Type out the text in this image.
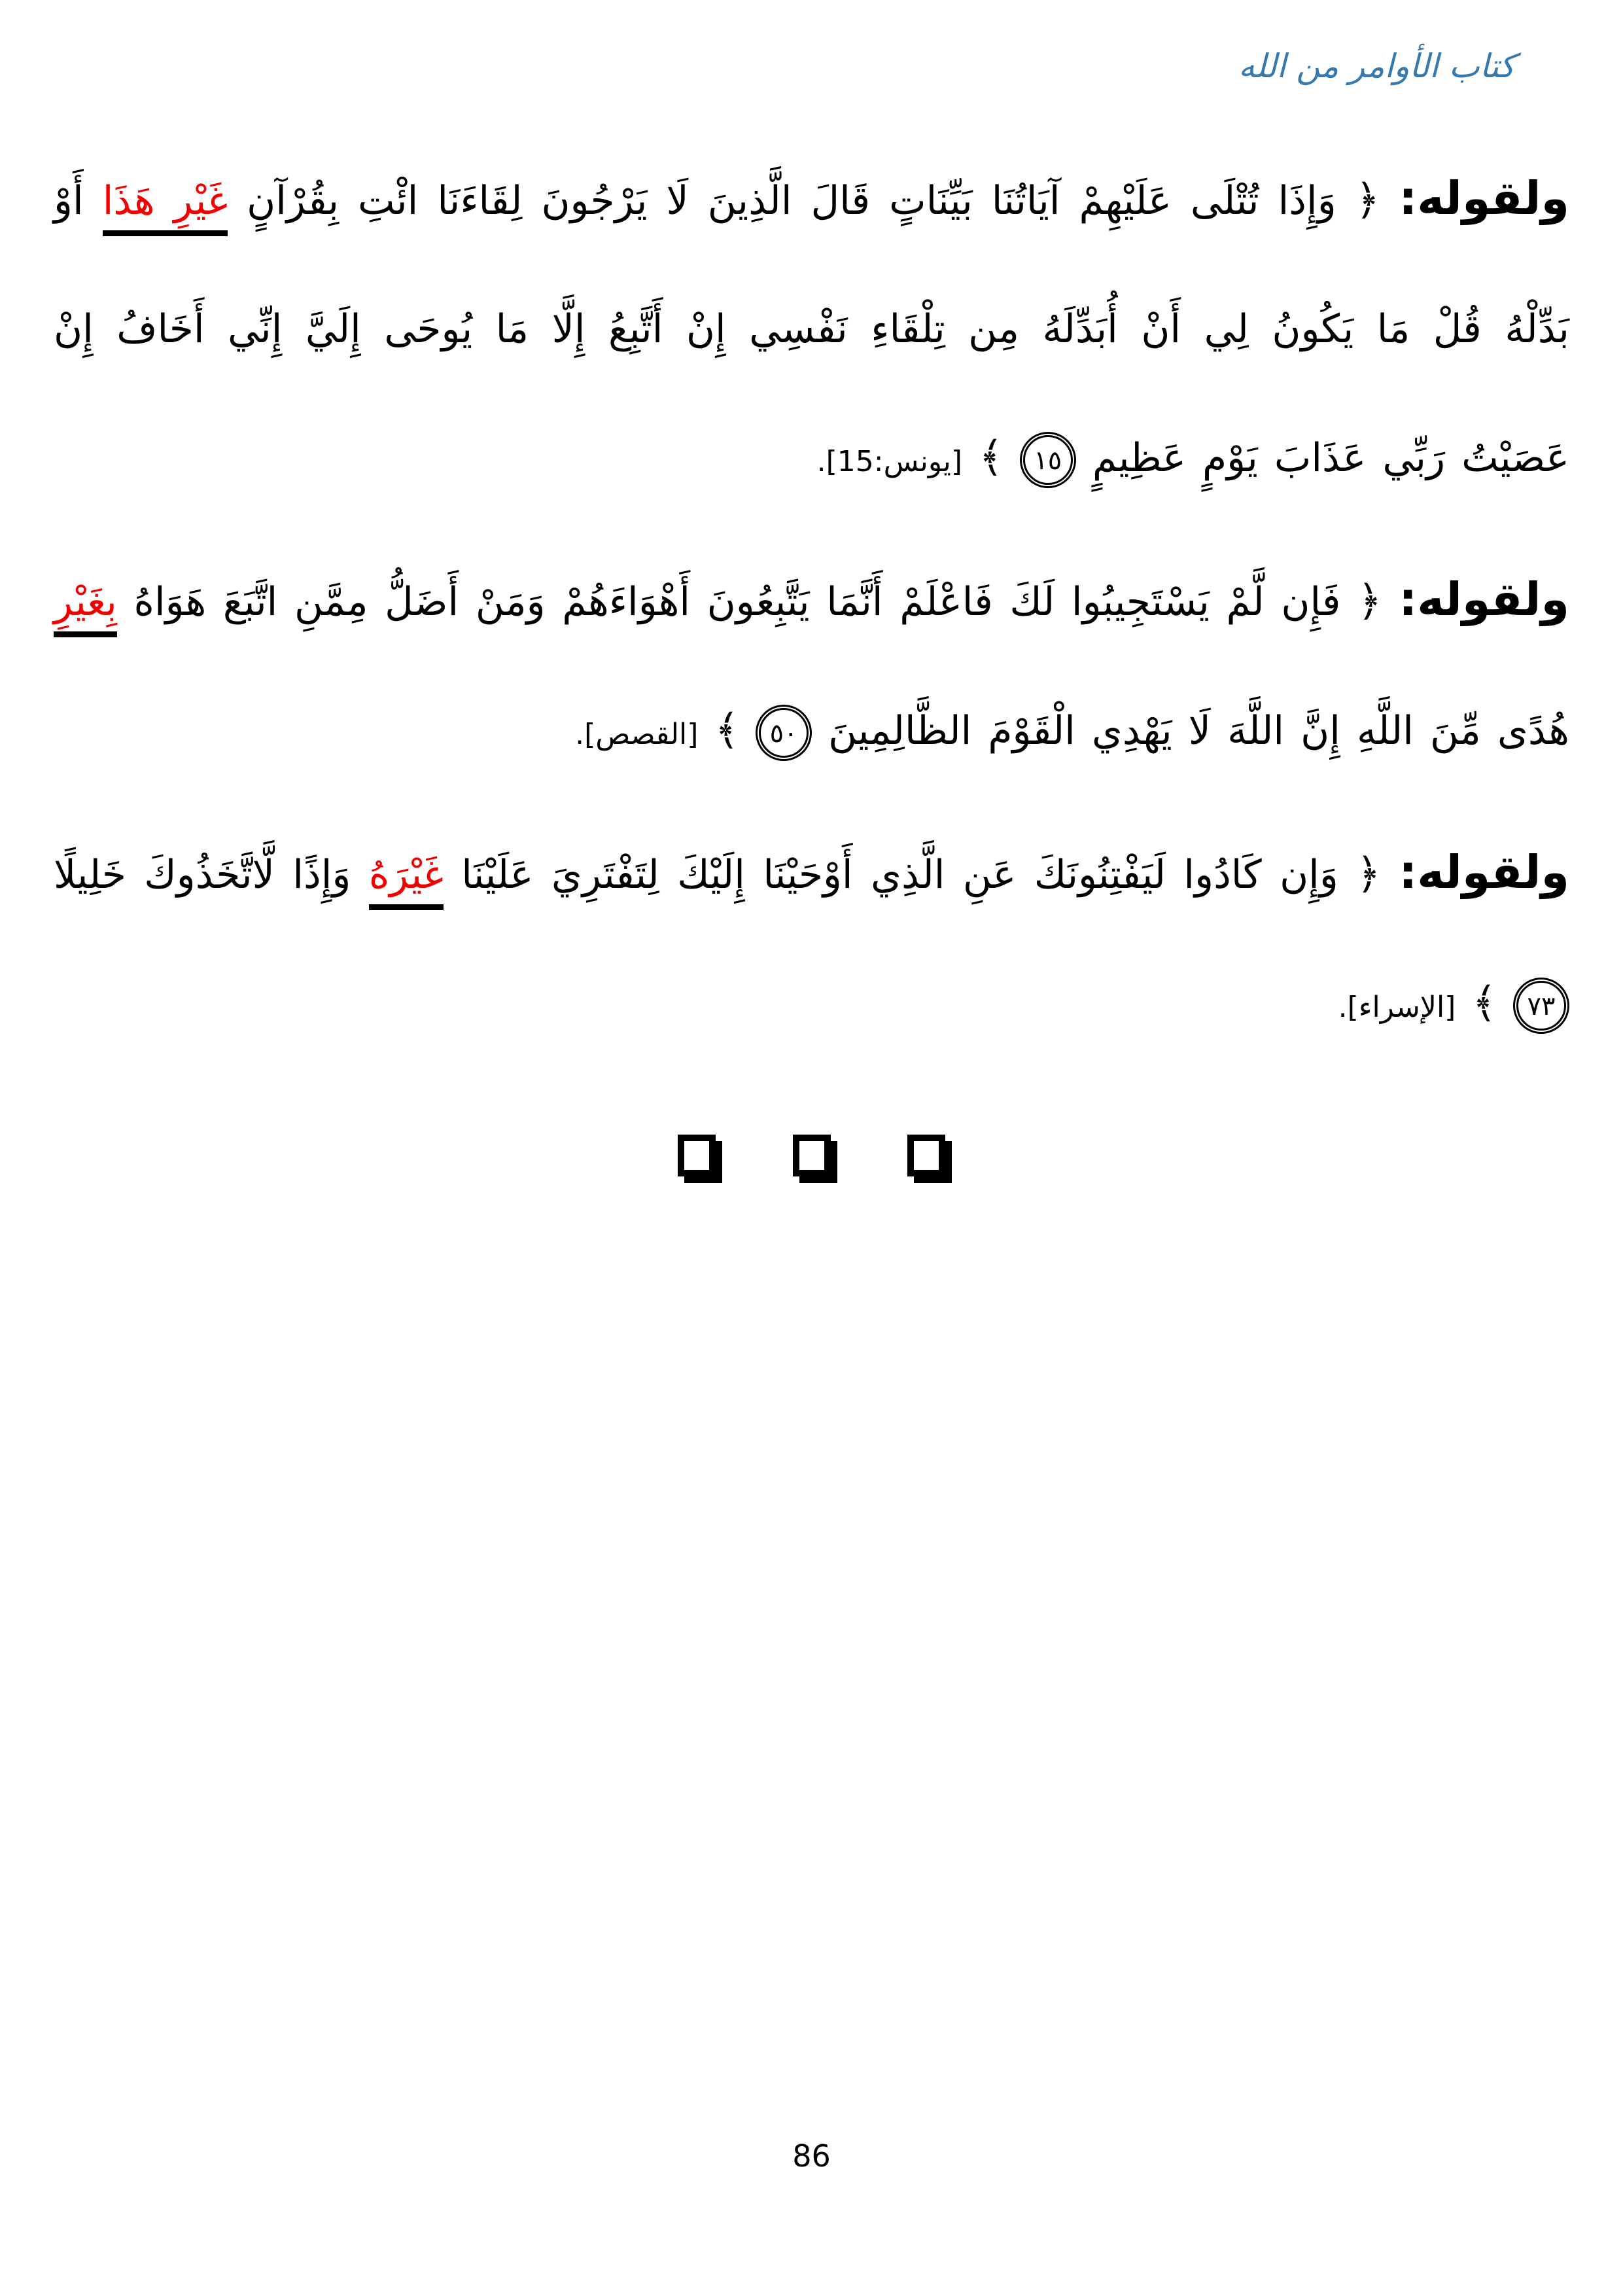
كتاب الأوامر من الله

ولقوله: ﴿ وَإِذَا تُتْلَى عَلَيْهِمْ آيَاتُنَا بَيِّنَاتٍ قَالَ الَّذِينَ لَا يَرْجُونَ لِقَاءَنَا ائْتِ بِقُرْآنٍ غَيْرِ هَذَا أَوْ بَدِّلْهُ قُلْ مَا يَكُونُ لِي أَنْ أُبَدِّلَهُ مِن تِلْقَاءِ نَفْسِي إِنْ أَتَّبِعُ إِلَّا مَا يُوحَى إِلَيَّ إِنِّي أَخَافُ إِنْ عَصَيْتُ رَبِّي عَذَابَ يَوْمٍ عَظِيمٍ ١٥ ﴾ [يونس:15].

ولقوله: ﴿ فَإِن لَّمْ يَسْتَجِيبُوا لَكَ فَاعْلَمْ أَنَّمَا يَتَّبِعُونَ أَهْوَاءَهُمْ وَمَنْ أَضَلُّ مِمَّنِ اتَّبَعَ هَوَاهُ بِغَيْرِ هُدًى مِّنَ اللَّهِ إِنَّ اللَّهَ لَا يَهْدِي الْقَوْمَ الظَّالِمِينَ ٥٠ ﴾ [القصص].

ولقوله: ﴿ وَإِن كَادُوا لَيَفْتِنُونَكَ عَنِ الَّذِي أَوْحَيْنَا إِلَيْكَ لِتَفْتَرِيَ عَلَيْنَا غَيْرَهُ وَإِذًا لَّاتَّخَذُوكَ خَلِيلًا ٧٣ ﴾ [الإسراء].

86
